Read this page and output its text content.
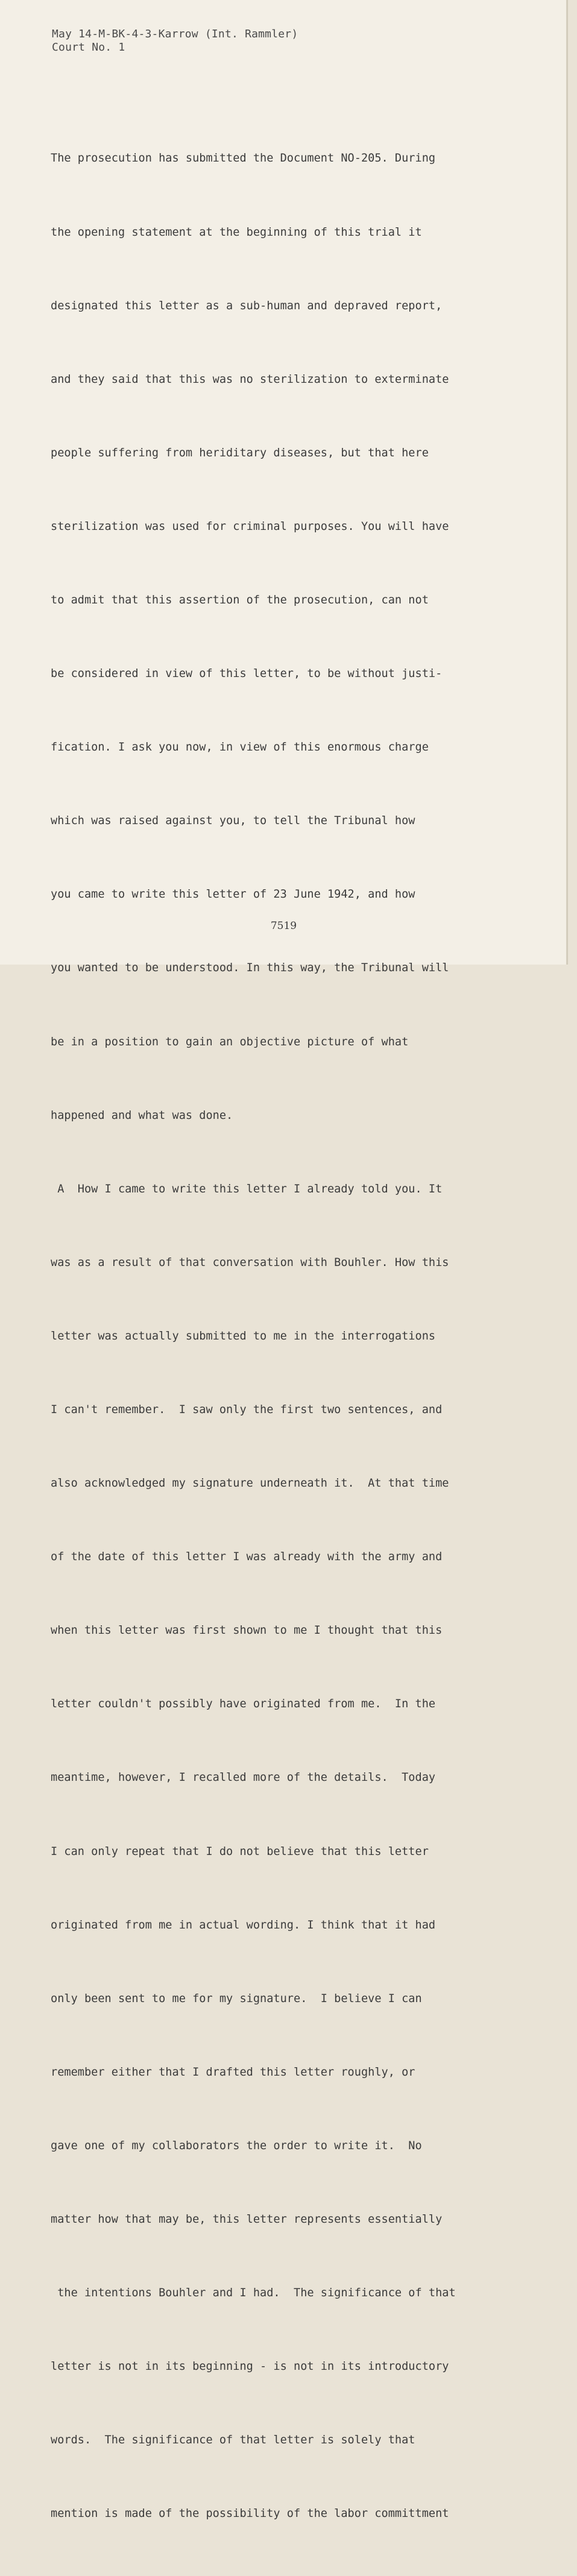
May 14-M-BK-4-3-Karrow (Int. Rammler)
Court No. 1

The prosecution has submitted the Document NO-205. During

the opening statement at the beginning of this trial it

designated this letter as a sub-human and depraved report,

and they said that this was no sterilization to exterminate

people suffering from heriditary diseases, but that here

sterilization was used for criminal purposes. You will have

to admit that this assertion of the prosecution, can not

be considered in view of this letter, to be without justi-

fication. I ask you now, in view of this enormous charge

which was raised against you, to tell the Tribunal how

you came to write this letter of 23 June 1942, and how

you wanted to be understood. In this way, the Tribunal will

be in a position to gain an objective picture of what

happened and what was done.

A  How I came to write this letter I already told you. It

was as a result of that conversation with Bouhler. How this

letter was actually submitted to me in the interrogations

I can't remember.  I saw only the first two sentences, and

also acknowledged my signature underneath it.  At that time

of the date of this letter I was already with the army and

when this letter was first shown to me I thought that this

letter couldn't possibly have originated from me.  In the

meantime, however, I recalled more of the details.  Today

I can only repeat that I do not believe that this letter

originated from me in actual wording. I think that it had

only been sent to me for my signature.  I believe I can

remember either that I drafted this letter roughly, or

gave one of my collaborators the order to write it.  No

matter how that may be, this letter represents essentially

the intentions Bouhler and I had.  The significance of that

letter is not in its beginning - is not in its introductory

words.  The significance of that letter is solely that

mention is made of the possibility of the labor committment

7519
